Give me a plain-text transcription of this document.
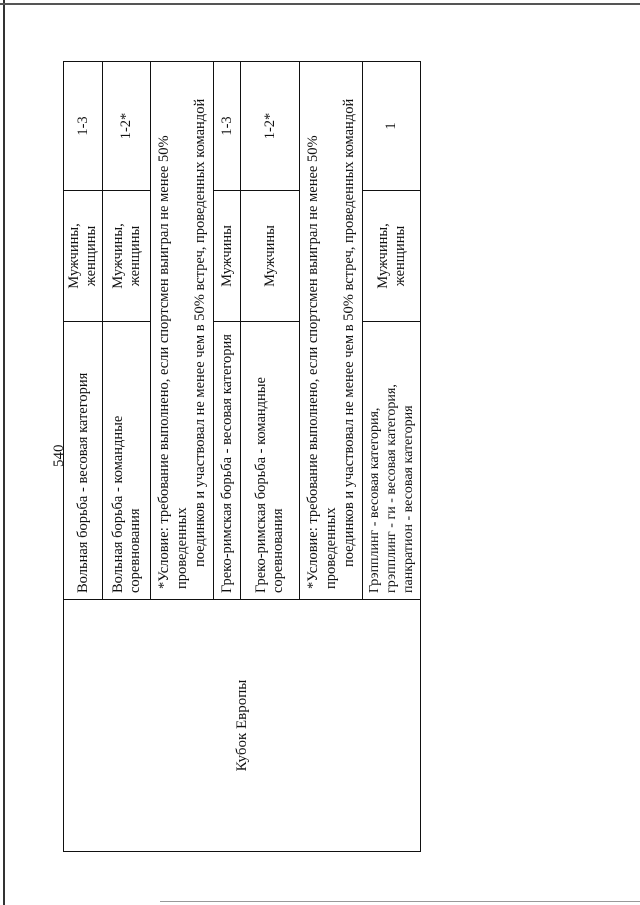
540
Кубок Европы	Вольная борьба - весовая категория	Мужчины, женщины	1-3
	Вольная борьба - командные соревнования	Мужчины, женщины	1-2*

	*Условие: требование выполнено, если спортсмен выиграл не менее 50% проведенных поединков и участвовал не менее чем в 50% встреч, проведенных командой		

	Греко-римская борьба - весовая категория	Мужчины	1-3
	Греко-римская борьба - командные соревнования	Мужчины	1-2*

	*Условие: требование выполнено, если спортсмен выиграл не менее 50% проведенных поединков и участвовал не менее чем в 50% встреч, проведенных командой		

	Грэпплинг - весовая категория, грэпплинг - ги - весовая категория, панкратион - весовая категория	Мужчины, женщины	1
